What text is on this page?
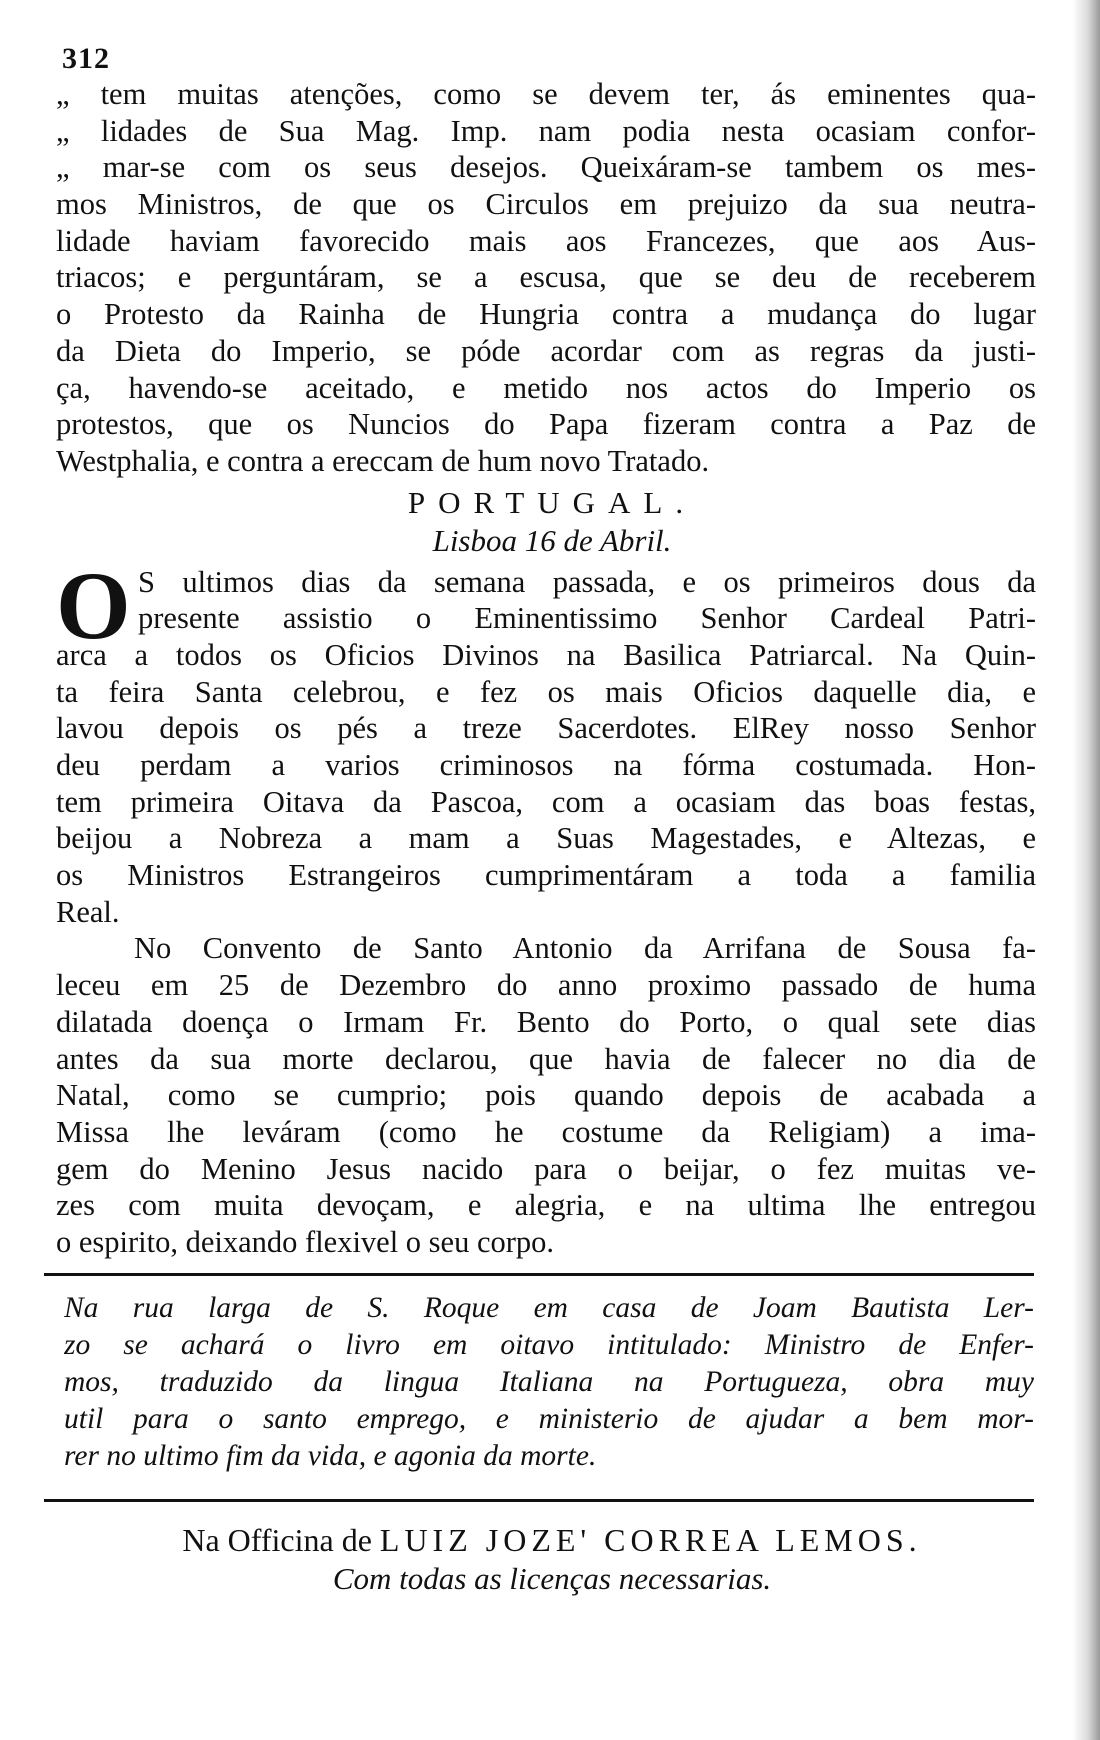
312
„ tem muitas atenções, como se devem ter, ás eminentes qua-
„ lidades de Sua Mag. Imp. nam podia nesta ocasiam confor-
„ mar-se com os seus desejos. Queixáram-se tambem os mes-
mos Ministros, de que os Circulos em prejuizo da sua neutra-
lidade haviam favorecido mais aos Francezes, que aos Aus-
triacos; e perguntáram, se a escusa, que se deu de receberem
o Protesto da Rainha de Hungria contra a mudança do lugar
da Dieta do Imperio, se póde acordar com as regras da justi-
ça, havendo-se aceitado, e metido nos actos do Imperio os
protestos, que os Nuncios do Papa fizeram contra a Paz de
Westphalia, e contra a ereccam de hum novo Tratado.
PORTUGAL.
Lisboa 16 de Abril.
O S ultimos dias da semana passada, e os primeiros dous da
presente assistio o Eminentissimo Senhor Cardeal Patri-
arca a todos os Oficios Divinos na Basilica Patriarcal. Na Quin-
ta feira Santa celebrou, e fez os mais Oficios daquelle dia, e
lavou depois os pés a treze Sacerdotes. ElRey nosso Senhor
deu perdam a varios criminosos na fórma costumada. Hon-
tem primeira Oitava da Pascoa, com a ocasiam das boas festas,
beijou a Nobreza a mam a Suas Magestades, e Altezas, e
os Ministros Estrangeiros cumprimentáram a toda a familia
Real.
No Convento de Santo Antonio da Arrifana de Sousa fa-
leceu em 25 de Dezembro do anno proximo passado de huma
dilatada doença o Irmam Fr. Bento do Porto, o qual sete dias
antes da sua morte declarou, que havia de falecer no dia de
Natal, como se cumprio; pois quando depois de acabada a
Missa lhe leváram (como he costume da Religiam) a ima-
gem do Menino Jesus nacido para o beijar, o fez muitas ve-
zes com muita devoçam, e alegria, e na ultima lhe entregou
o espirito, deixando flexivel o seu corpo.
Na rua larga de S. Roque em casa de Joam Bautista Ler-
zo se achará o livro em oitavo intitulado: Ministro de Enfer-
mos, traduzido da lingua Italiana na Portugueza, obra muy
util para o santo emprego, e ministerio de ajudar a bem mor-
rer no ultimo fim da vida, e agonia da morte.
Na Officina de LUIZ JOZE' CORREA LEMOS.
Com todas as licenças necessarias.
